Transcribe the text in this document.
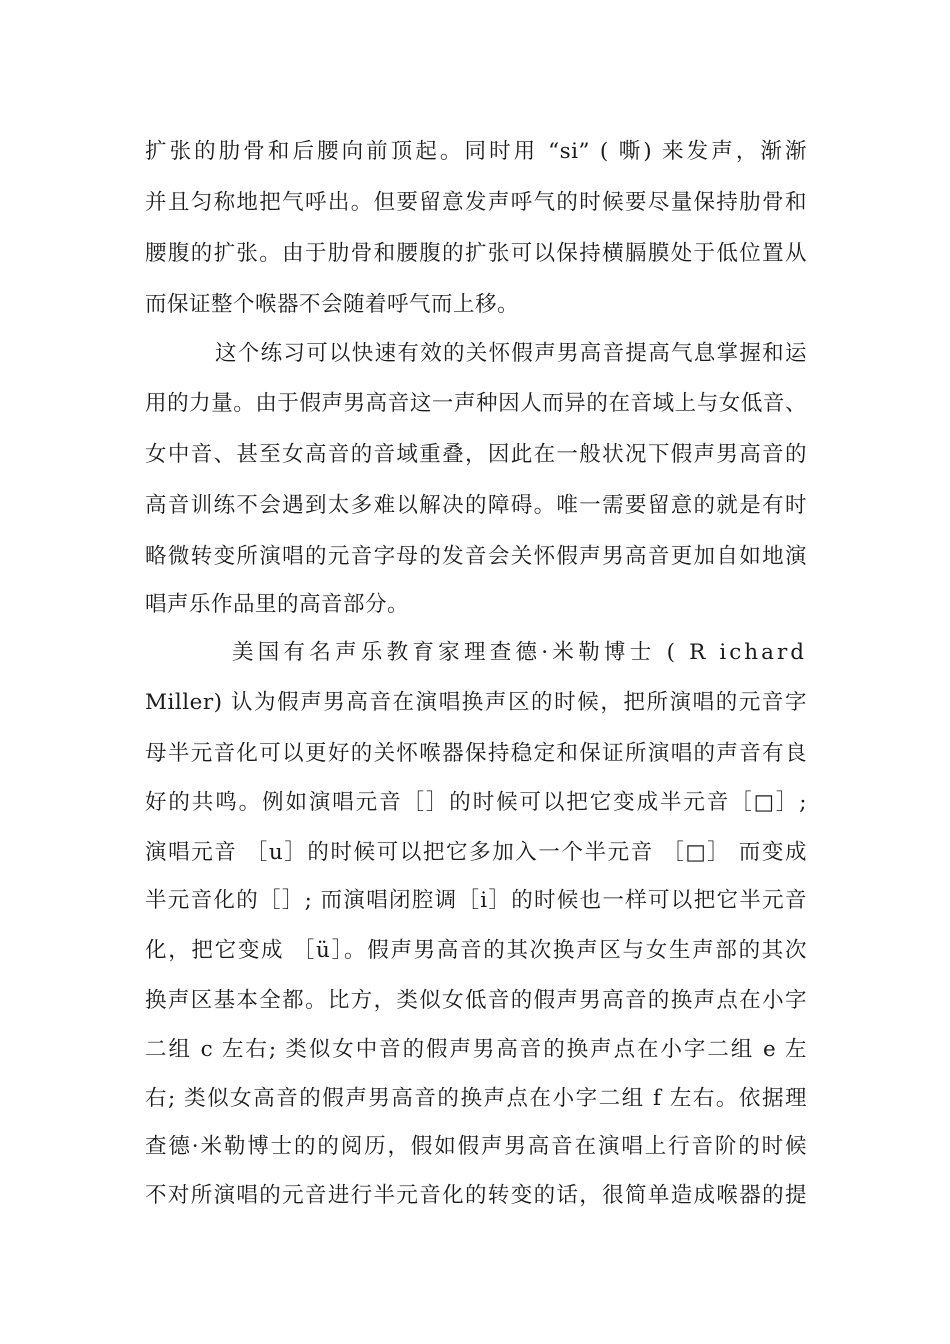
扩张的肋骨和后腰向前顶起。同时用 “si” ( 嘶) 来发声，渐渐
并且匀称地把气呼出。但要留意发声呼气的时候要尽量保持肋骨和
腰腹的扩张。由于肋骨和腰腹的扩张可以保持横膈膜处于低位置从
而保证整个喉器不会随着呼气而上移。
这个练习可以快速有效的关怀假声男高音提高气息掌握和运
用的力量。由于假声男高音这一声种因人而异的在音域上与女低音、
女中音、甚至女高音的音域重叠，因此在一般状况下假声男高音的
高音训练不会遇到太多难以解决的障碍。唯一需要留意的就是有时
略微转变所演唱的元音字母的发音会关怀假声男高音更加自如地演
唱声乐作品里的高音部分。
美国有名声乐教育家理查德·米勒博士 ( R ichard
Miller) 认为假声男高音在演唱换声区的时候，把所演唱的元音字
母半元音化可以更好的关怀喉器保持稳定和保证所演唱的声音有良
好的共鸣。例如演唱元音［］的时候可以把它变成半元音［□］;
演唱元音 ［u］的时候可以把它多加入一个半元音 ［□］ 而变成
半元音化的［］; 而演唱闭腔调［i］的时候也一样可以把它半元音
化，把它变成 ［ü］。假声男高音的其次换声区与女生声部的其次
换声区基本全都。比方，类似女低音的假声男高音的换声点在小字
二组 c 左右; 类似女中音的假声男高音的换声点在小字二组 e 左
右; 类似女高音的假声男高音的换声点在小字二组 f 左右。依据理
查德·米勒博士的的阅历，假如假声男高音在演唱上行音阶的时候
不对所演唱的元音进行半元音化的转变的话，很简单造成喉器的提
